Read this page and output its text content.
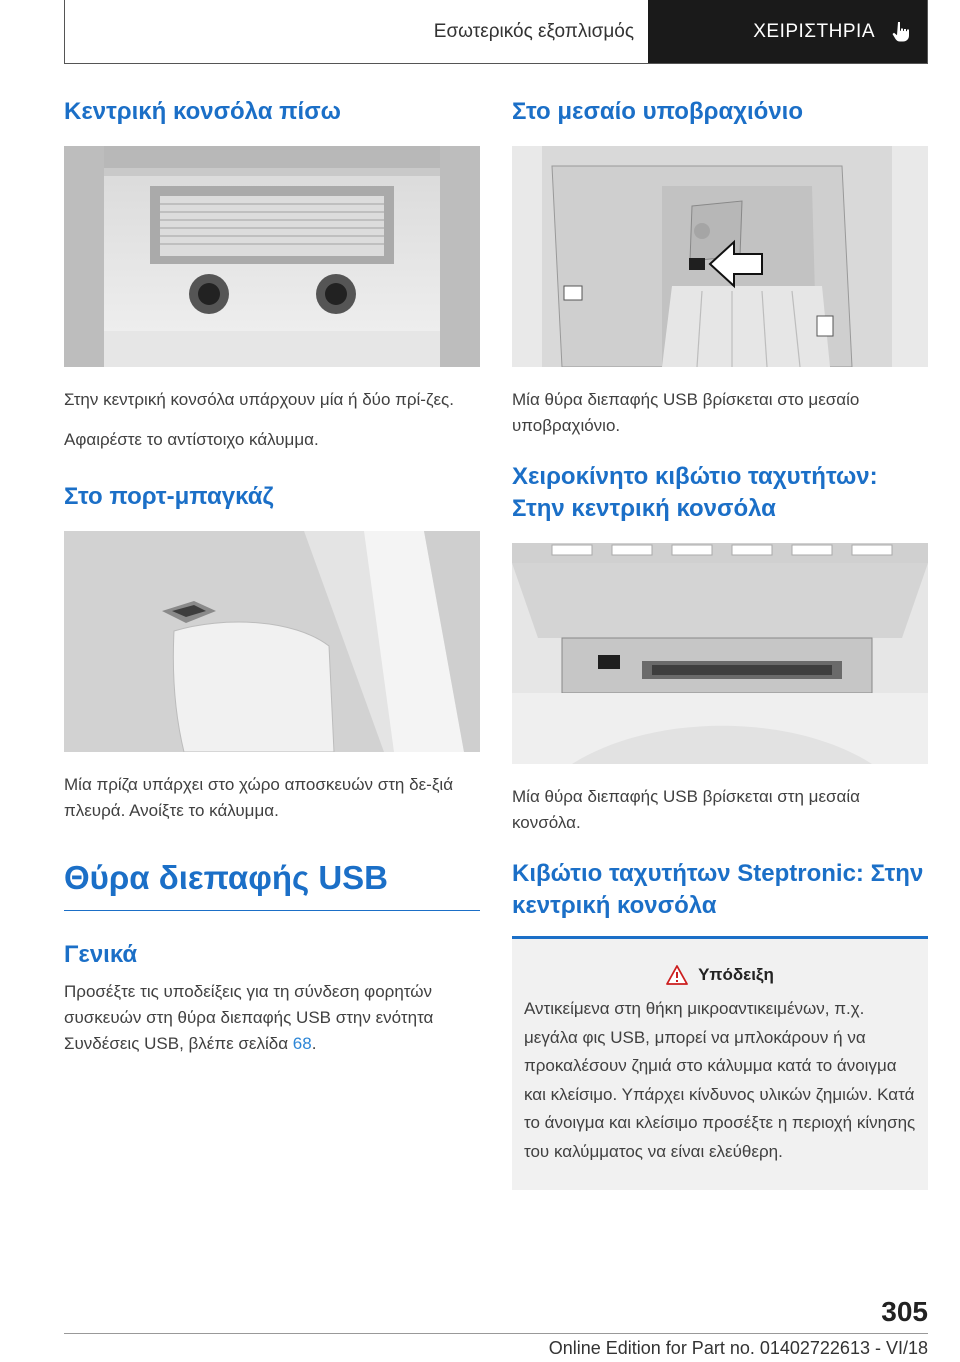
Εσωτερικός εξοπλισμός	ΧΕΙΡΙΣΤΗΡΙΑ
Κεντρική κονσόλα πίσω

Στην κεντρική κονσόλα υπάρχουν μία ή δύο πρί-ζες.

Αφαιρέστε το αντίστοιχο κάλυμμα.

Στο πορτ-μπαγκάζ

Μία πρίζα υπάρχει στο χώρο αποσκευών στη δε-ξιά πλευρά. Ανοίξτε το κάλυμμα.

Θύρα διεπαφής USB
Γενικά

Προσέξτε τις υποδείξεις για τη σύνδεση φορητών συσκευών στη θύρα διεπαφής USB στην ενότητα Συνδέσεις USB, βλέπε σελίδα 68.

Στο μεσαίο υποβραχιόνιο

Μία θύρα διεπαφής USB βρίσκεται στο μεσαίο υποβραχιόνιο.

Χειροκίνητο κιβώτιο ταχυτήτων: Στην κεντρική κονσόλα

Μία θύρα διεπαφής USB βρίσκεται στη μεσαία κονσόλα.

Κιβώτιο ταχυτήτων Steptronic: Στην κεντρική κονσόλα
Υπόδειξη

Αντικείμενα στη θήκη μικροαντικειμένων, π.χ. μεγάλα φις USB, μπορεί να μπλοκάρουν ή να προκαλέσουν ζημιά στο κάλυμμα κατά το άνοιγμα και κλείσιμο. Υπάρχει κίνδυνος υλικών ζημιών. Κατά το άνοιγμα και κλείσιμο προσέξτε η περιοχή κίνησης του καλύμματος να είναι ελεύθερη.

305
Online Edition for Part no. 01402722613 - VI/18
